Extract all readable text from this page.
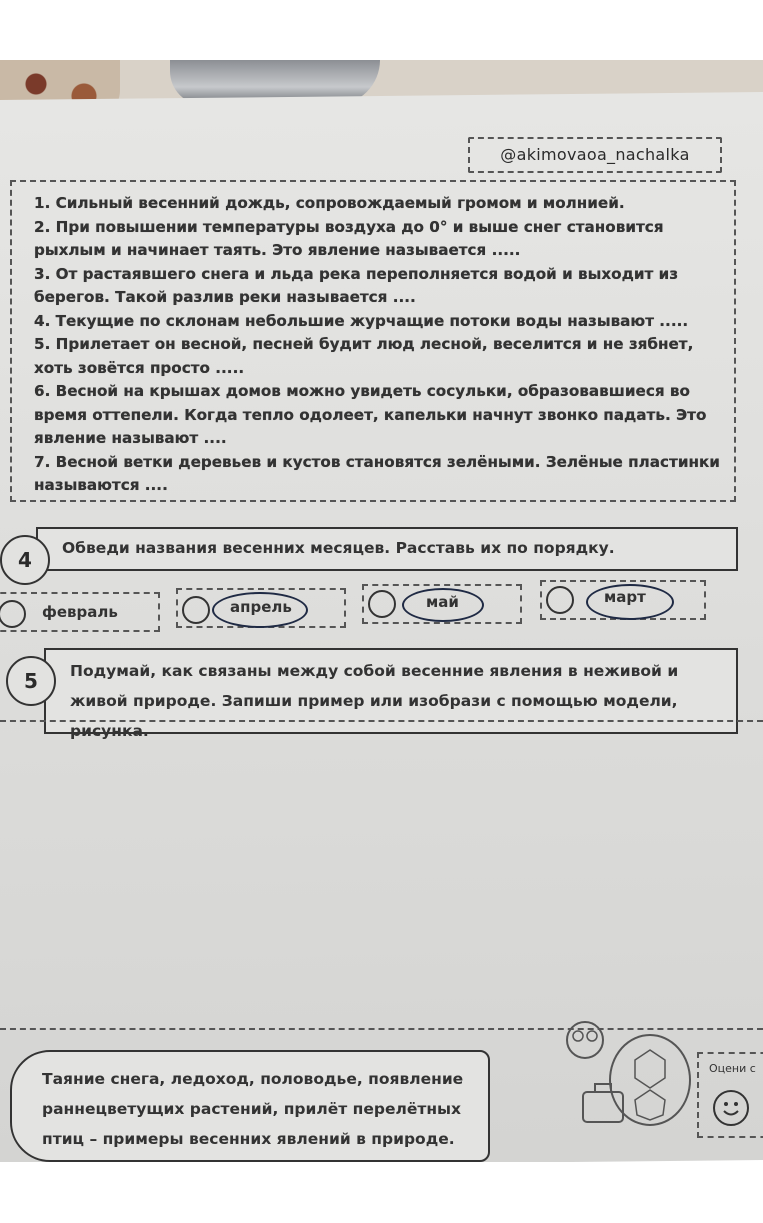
@akimovaoa_nachalka
1. Сильный весенний дождь, сопровождаемый громом и молнией.
2. При повышении температуры воздуха до 0° и выше снег становится рыхлым и начинает таять. Это явление называется .....
3. От растаявшего снега и льда река переполняется водой и выходит из берегов. Такой разлив реки называется ....
4. Текущие по склонам небольшие журчащие потоки воды называют .....
5. Прилетает он весной, песней будит люд лесной, веселится и не зябнет, хоть зовётся просто .....
6. Весной на крышах домов можно увидеть сосульки, образовавшиеся во время оттепели. Когда тепло одолеет, капельки начнут звонко падать. Это явление называют ....
7. Весной ветки деревьев и кустов становятся зелёными. Зелёные пластинки называются ....
Обведи названия весенних месяцев. Расставь их по порядку.
4
февраль	апрель	май	март
Подумай, как связаны между собой весенние явления в неживой и живой природе. Запиши пример или изобрази с помощью модели, рисунка.
5
Таяние снега, ледоход, половодье, появление раннецветущих растений, прилёт перелётных птиц – примеры весенних явлений в природе.
Оцени с
